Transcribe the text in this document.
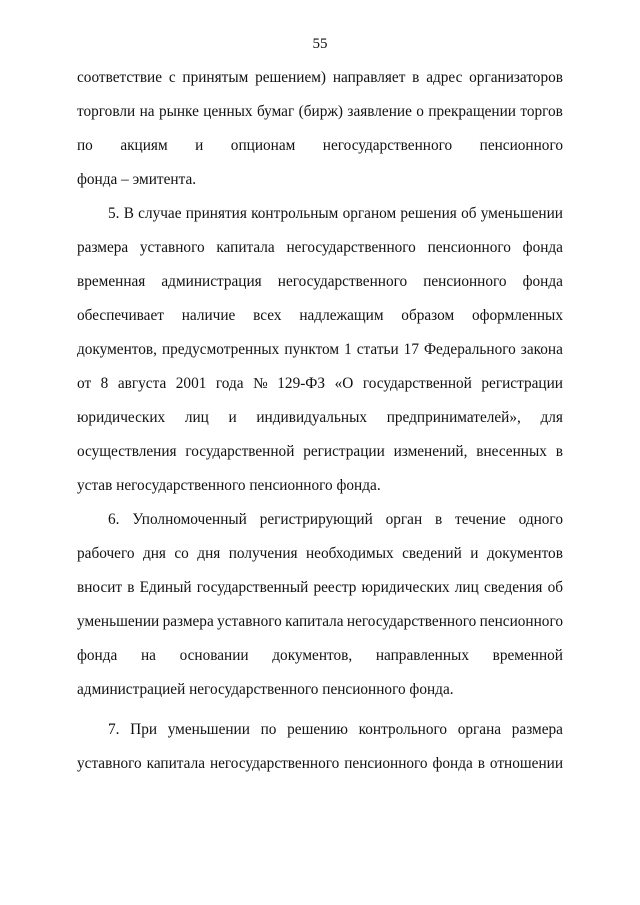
55
соответствие с принятым решением) направляет в адрес организаторов
торговли на рынке ценных бумаг (бирж) заявление о прекращении торгов
по акциям и опционам негосударственного пенсионного
фонда – эмитента.
5. В случае принятия контрольным органом решения об уменьшении
размера уставного капитала негосударственного пенсионного фонда
временная администрация негосударственного пенсионного фонда
обеспечивает наличие всех надлежащим образом оформленных
документов, предусмотренных пунктом 1 статьи 17 Федерального закона
от 8 августа 2001 года № 129-ФЗ «О государственной регистрации
юридических лиц и индивидуальных предпринимателей», для
осуществления государственной регистрации изменений, внесенных в
устав негосударственного пенсионного фонда.
6. Уполномоченный регистрирующий орган в течение одного
рабочего дня со дня получения необходимых сведений и документов
вносит в Единый государственный реестр юридических лиц сведения об
уменьшении размера уставного капитала негосударственного пенсионного
фонда на основании документов, направленных временной
администрацией негосударственного пенсионного фонда.
7. При уменьшении по решению контрольного органа размера
уставного капитала негосударственного пенсионного фонда в отношении
